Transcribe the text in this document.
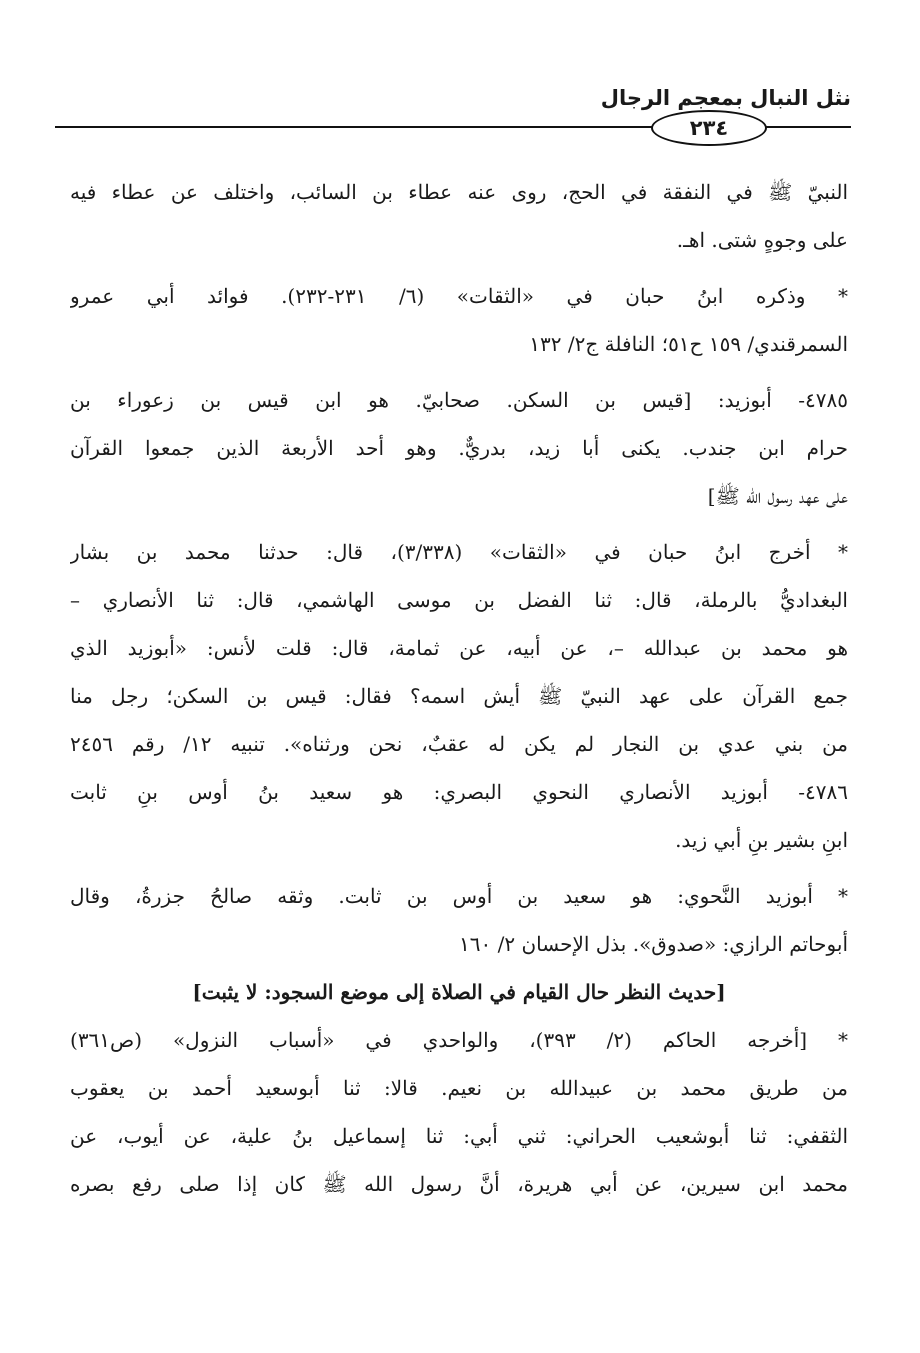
نثل النبال بمعجم الرجال
٢٣٤
النبيّ ﷺ في النفقة في الحج، روى عنه عطاء بن السائب، واختلف عن عطاء فيه
على وجوهٍ شتى. اهـ.
* وذكره ابنُ حبان في «الثقات» (٦/ ٢٣١-٢٣٢). فوائد أبي عمرو
السمرقندي/ ١٥٩ ح٥١؛ النافلة ج٢/ ١٣٢
٤٧٨٥- أبوزيد: [قيس بن السكن. صحابيّ. هو ابن قيس بن زعوراء بن
حرام ابن جندب. يكنى أبا زيد، بدريٌّ. وهو أحد الأربعة الذين جمعوا القرآن
على عهد رسول الله ﷺ]
* أخرج ابنُ حبان في «الثقات» (٣/٣٣٨)، قال: حدثنا محمد بن بشار
البغداديُّ بالرملة، قال: ثنا الفضل بن موسى الهاشمي، قال: ثنا الأنصاري –
هو محمد بن عبدالله –، عن أبيه، عن ثمامة، قال: قلت لأنس: «أبوزيد الذي
جمع القرآن على عهد النبيّ ﷺ أيش اسمه؟ فقال: قيس بن السكن؛ رجل منا
من بني عدي بن النجار لم يكن له عقبٌ، نحن ورثناه». تنبيه ١٢/ رقم ٢٤٥٦
٤٧٨٦- أبوزيد الأنصاري النحوي البصري: هو سعيد بنُ أوس بنِ ثابت
ابنِ بشير بنِ أبي زيد.
* أبوزيد النَّحوي: هو سعيد بن أوس بن ثابت. وثقه صالحُ جزرةُ، وقال
أبوحاتم الرازي: «صدوق». بذل الإحسان ٢/ ١٦٠
[حديث النظر حال القيام في الصلاة إلى موضع السجود: لا يثبت]
* [أخرجه الحاكم (٢/ ٣٩٣)، والواحدي في «أسباب النزول» (ص٣٦١)
من طريق محمد بن عبيدالله بن نعيم. قالا: ثنا أبوسعيد أحمد بن يعقوب
الثقفي: ثنا أبوشعيب الحراني: ثني أبي: ثنا إسماعيل بنُ علية، عن أيوب، عن
محمد ابن سيرين، عن أبي هريرة، أنَّ رسول الله ﷺ كان إذا صلى رفع بصره
